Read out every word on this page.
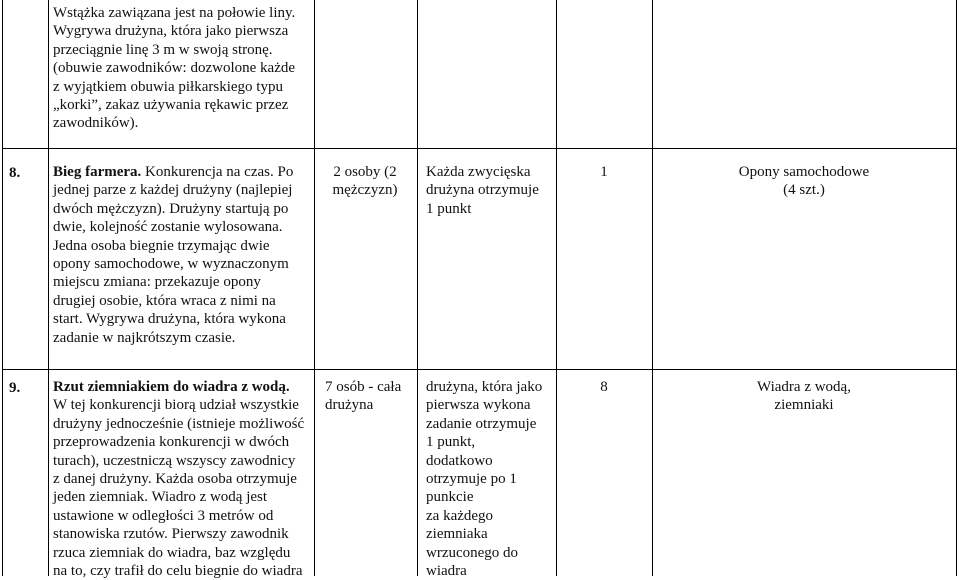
Wstążka zawiązana jest na połowie liny.
Wygrywa drużyna, która jako pierwsza
przeciągnie linę 3 m w swoją stronę.
(obuwie zawodników: dozwolone każde
z wyjątkiem obuwia piłkarskiego typu
„korki”, zakaz używania rękawic przez
zawodników).
8. Bieg farmera. Konkurencja na czas. Po
jednej parze z każdej drużyny (najlepiej
dwóch mężczyzn). Drużyny startują po
dwie, kolejność zostanie wylosowana.
Jedna osoba biegnie trzymając dwie
opony samochodowe, w wyznaczonym
miejscu zmiana: przekazuje opony
drugiej osobie, która wraca z nimi na
start. Wygrywa drużyna, która wykona
zadanie w najkrótszym czasie.
2 osoby (2
mężczyzn)
Każda zwycięska
drużyna otrzymuje
1 punkt
1	Opony samochodowe
(4 szt.)
9. Rzut ziemniakiem do wiadra z wodą.
W tej konkurencji biorą udział wszystkie
drużyny jednocześnie (istnieje możliwość
przeprowadzenia konkurencji w dwóch
turach), uczestniczą wszyscy zawodnicy
z danej drużyny. Każda osoba otrzymuje
jeden ziemniak. Wiadro z wodą jest
ustawione w odległości 3 metrów od
stanowiska rzutów. Pierwszy zawodnik
rzuca ziemniak do wiadra, baz względu
na to, czy trafił do celu biegnie do wiadra
7 osób - cała
drużyna
drużyna, która jako
pierwsza wykona
zadanie otrzymuje
1 punkt,
dodatkowo
otrzymuje po 1
punkcie
za każdego
ziemniaka
wrzuconego do
wiadra
8	Wiadra z wodą,
ziemniaki
